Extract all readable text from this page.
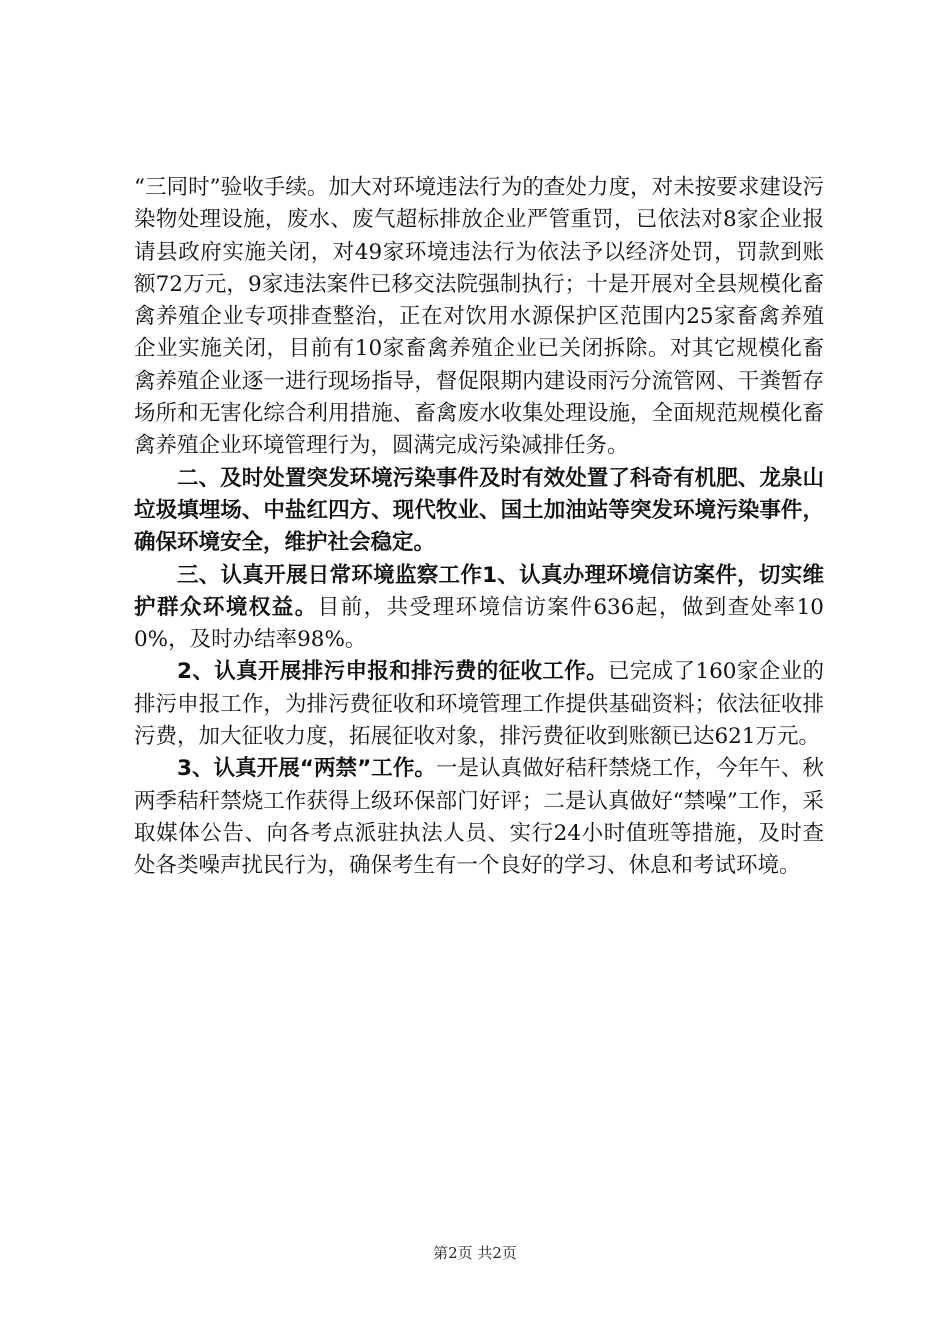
“三同时”验收手续。加大对环境违法行为的查处力度，对未按要求建设污染物处理设施，废水、废气超标排放企业严管重罚，已依法对8家企业报请县政府实施关闭，对49家环境违法行为依法予以经济处罚，罚款到账额72万元，9家违法案件已移交法院强制执行；十是开展对全县规模化畜禽养殖企业专项排查整治，正在对饮用水源保护区范围内25家畜禽养殖企业实施关闭，目前有10家畜禽养殖企业已关闭拆除。对其它规模化畜禽养殖企业逐一进行现场指导，督促限期内建设雨污分流管网、干粪暂存场所和无害化综合利用措施、畜禽废水收集处理设施，全面规范规模化畜禽养殖企业环境管理行为，圆满完成污染减排任务。

二、及时处置突发环境污染事件及时有效处置了科奇有机肥、龙泉山垃圾填埋场、中盐红四方、现代牧业、国土加油站等突发环境污染事件，确保环境安全，维护社会稳定。

三、认真开展日常环境监察工作1、认真办理环境信访案件，切实维护群众环境权益。目前，共受理环境信访案件636起，做到查处率100%，及时办结率98%。

2、认真开展排污申报和排污费的征收工作。已完成了160家企业的排污申报工作，为排污费征收和环境管理工作提供基础资料；依法征收排污费，加大征收力度，拓展征收对象，排污费征收到账额已达621万元。

3、认真开展“两禁”工作。一是认真做好秸秆禁烧工作，今年午、秋两季秸秆禁烧工作获得上级环保部门好评；二是认真做好“禁噪”工作，采取媒体公告、向各考点派驻执法人员、实行24小时值班等措施，及时查处各类噪声扰民行为，确保考生有一个良好的学习、休息和考试环境。

第2页 共2页
